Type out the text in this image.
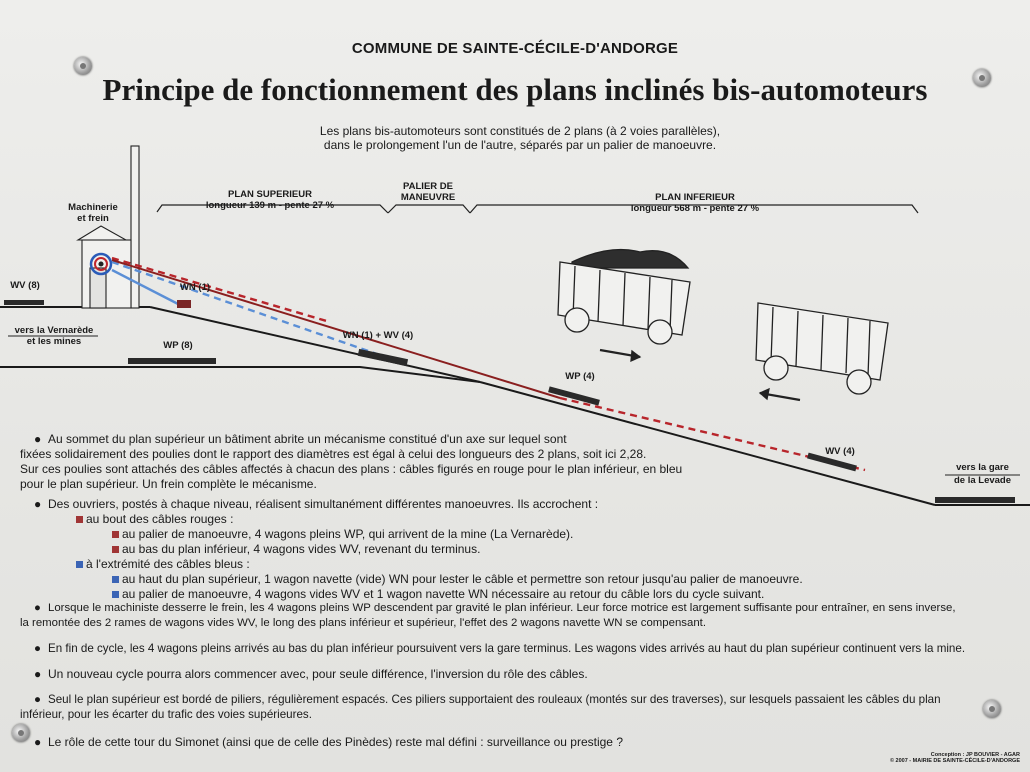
COMMUNE DE SAINTE-CÉCILE-D'ANDORGE
Principe de fonctionnement des plans inclinés bis-automoteurs
Les plans bis-automoteurs sont constitués de 2 plans (à 2 voies parallèles),
dans le prolongement l'un de l'autre, séparés par un palier de manoeuvre.
Machinerie
et frein
PLAN SUPERIEUR
longueur 139 m - pente 27 %
PALIER DE
MANEUVRE	PLAN INFERIEUR
longueur 568 m - pente 27 %
WV (8)	WN (1)
vers la Vernarède
et les mines	WP (8)
WN (1) + WV (4)
WP (4)
WV (4)
vers la gare
de la Levade
● Au sommet du plan supérieur un bâtiment abrite un mécanisme constitué d'un axe sur lequel sont
fixées solidairement des poulies dont le rapport des diamètres est égal à celui des longueurs des 2 plans, soit ici 2,28.
Sur ces poulies sont attachés des câbles affectés à chacun des plans : câbles figurés en rouge pour le plan inférieur, en bleu
pour le plan supérieur. Un frein complète le mécanisme.
● Des ouvriers, postés à chaque niveau, réalisent simultanément différentes manoeuvres. Ils accrochent :
au bout des câbles rouges :
au palier de manoeuvre, 4 wagons pleins WP, qui arrivent de la mine (La Vernarède).
au bas du plan inférieur, 4 wagons vides WV, revenant du terminus.
à l'extrémité des câbles bleus :
au haut du plan supérieur, 1 wagon navette (vide) WN pour lester le câble et permettre son retour jusqu'au palier de manoeuvre.
au palier de manoeuvre, 4 wagons vides WV et 1 wagon navette WN nécessaire au retour du câble lors du cycle suivant.
● Lorsque le machiniste desserre le frein, les 4 wagons pleins WP descendent par gravité le plan inférieur. Leur force motrice est largement suffisante pour entraîner, en sens inverse,
la remontée des 2 rames de wagons vides WV, le long des plans inférieur et supérieur, l'effet des 2 wagons navette WN se compensant.
● En fin de cycle, les 4 wagons pleins arrivés au bas du plan inférieur poursuivent vers la gare terminus. Les wagons vides arrivés au haut du plan supérieur continuent vers la mine.
● Un nouveau cycle pourra alors commencer avec, pour seule différence, l'inversion du rôle des câbles.
● Seul le plan supérieur est bordé de piliers, régulièrement espacés. Ces piliers supportaient des rouleaux (montés sur des traverses), sur lesquels passaient les câbles du plan
inférieur, pour les écarter du trafic des voies supérieures.
● Le rôle de cette tour du Simonet (ainsi que de celle des Pinèdes) reste mal défini : surveillance ou prestige ?
Conception : JP BOUVIER - AGAR
© 2007 - MAIRIE DE SAINTE-CÉCILE-D'ANDORGE
